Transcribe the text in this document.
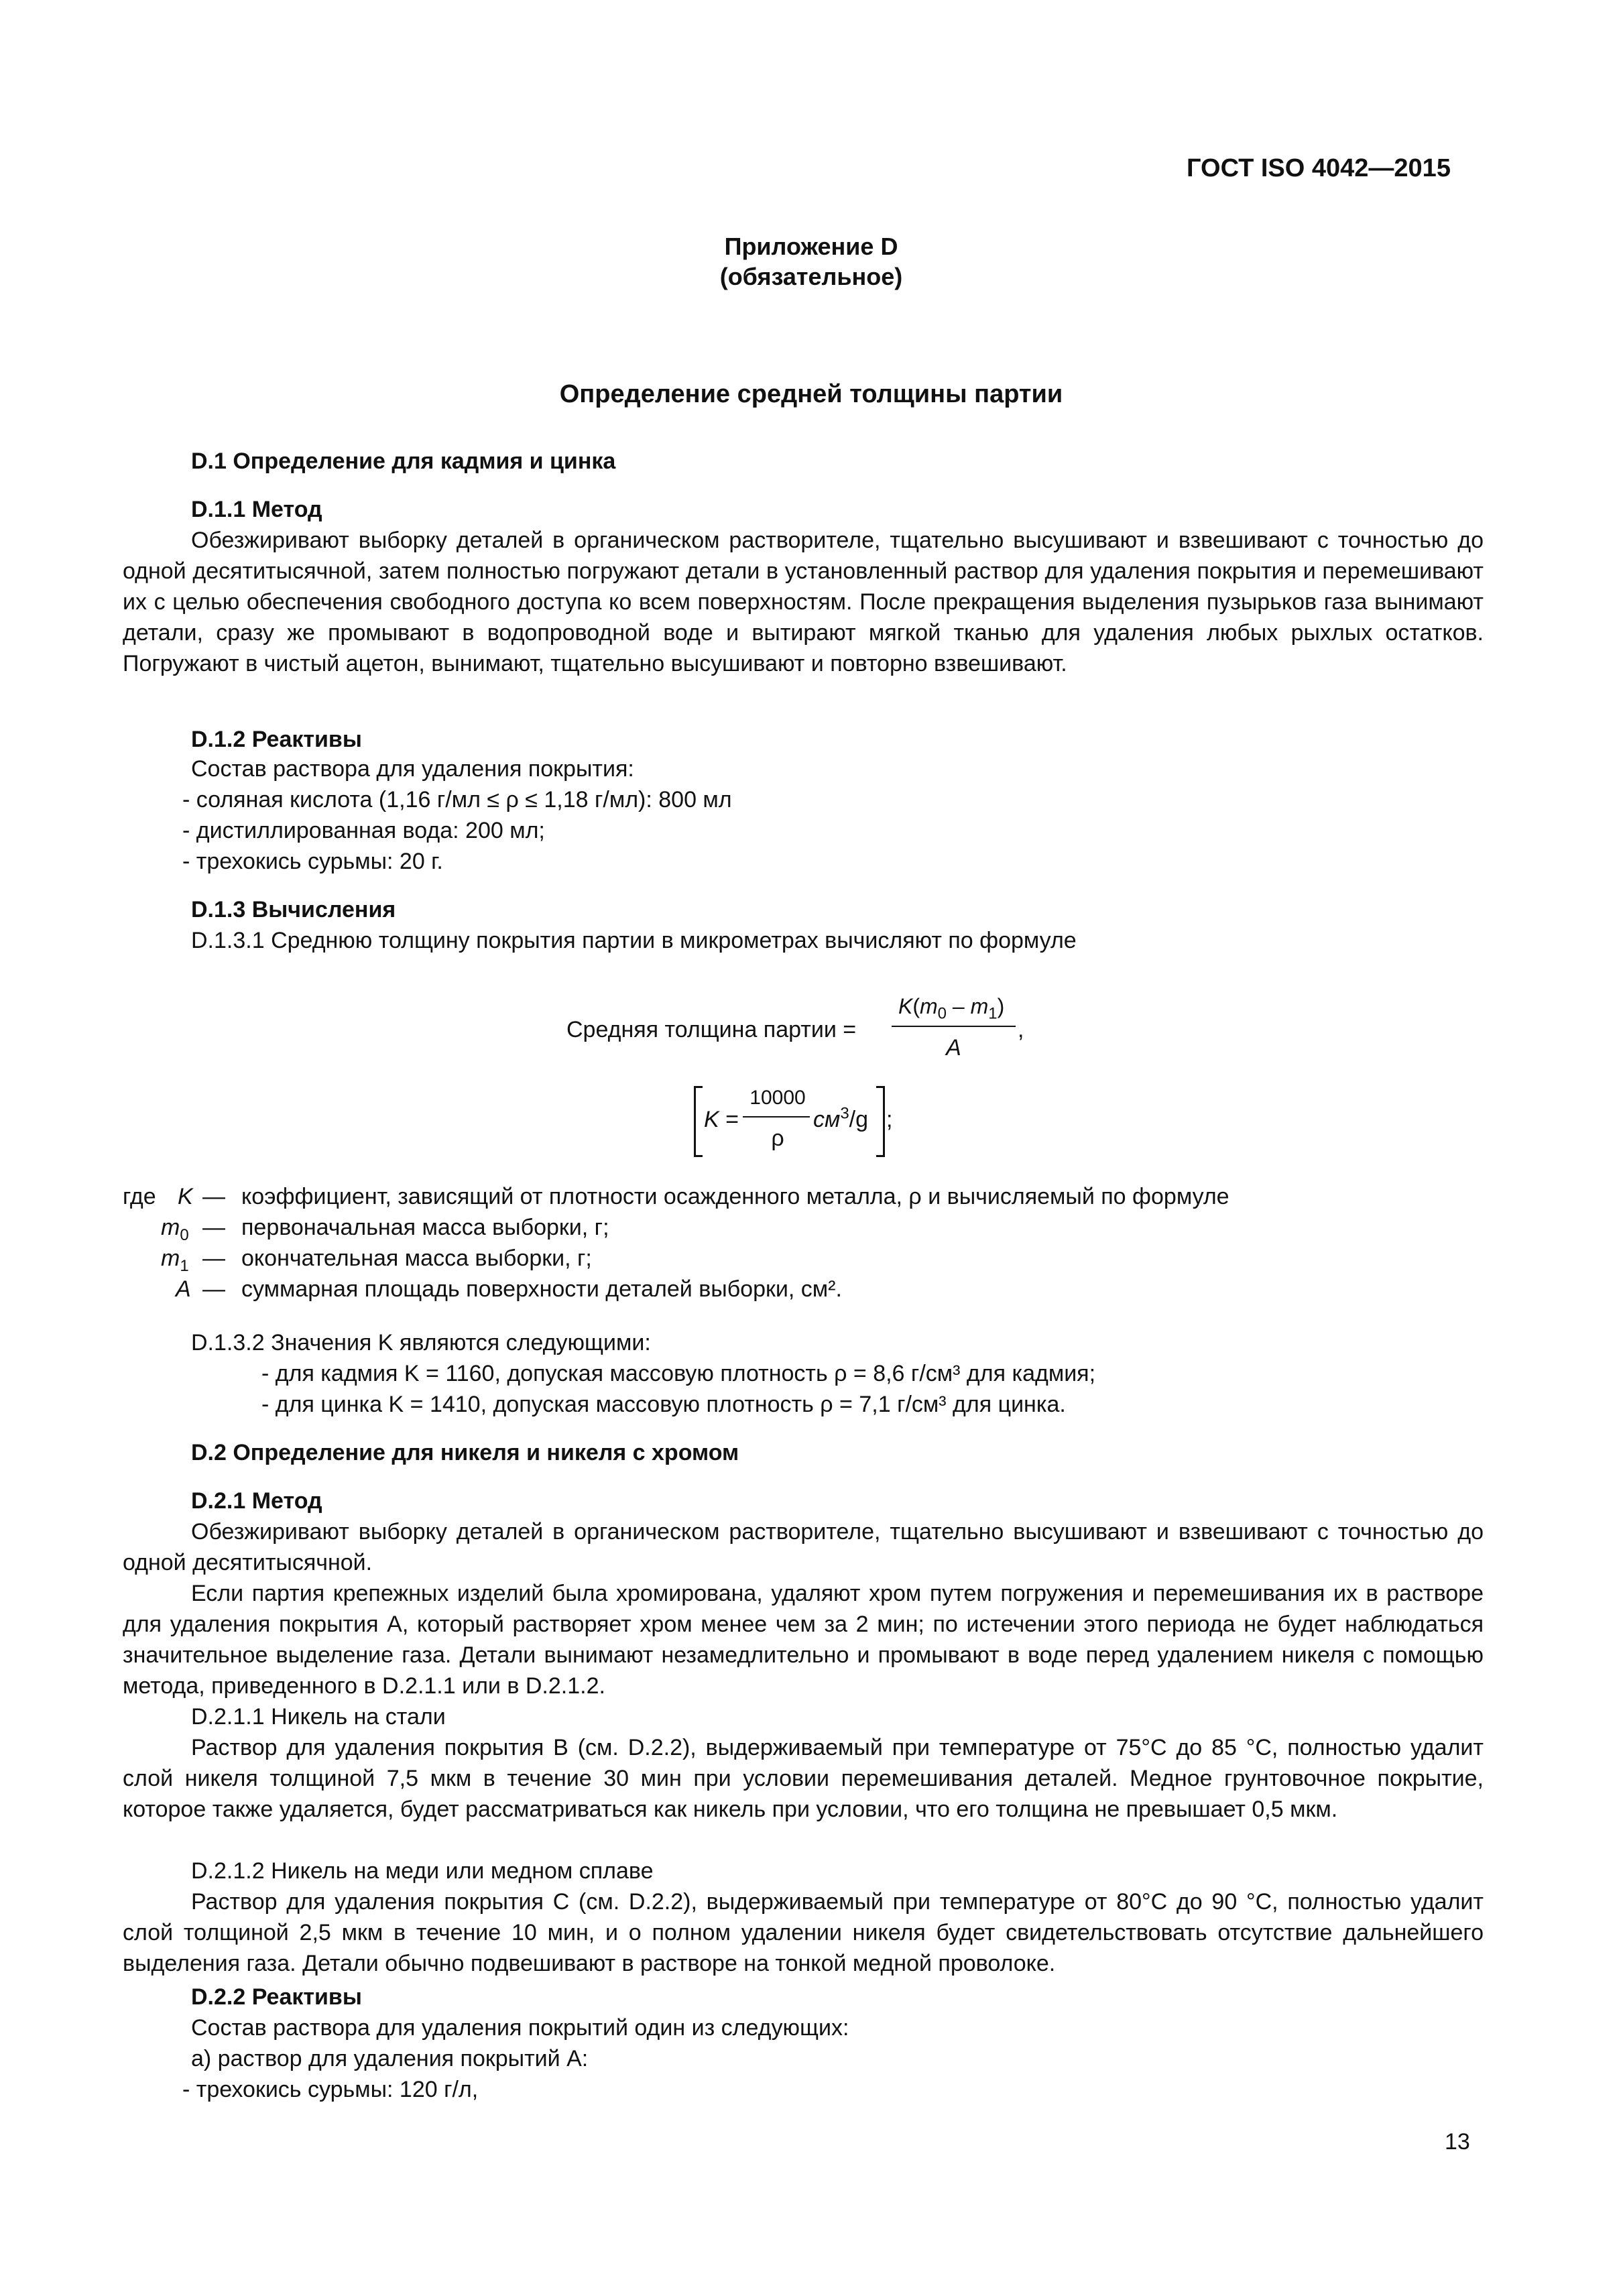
ГОСТ ISO 4042—2015
Приложение D
(обязательное)
Определение средней толщины партии
D.1 Определение для кадмия и цинка
D.1.1 Метод
Обезжиривают выборку деталей в органическом растворителе, тщательно высушивают и взвешивают с точностью до одной десятитысячной, затем полностью погружают детали в установленный раствор для удаления покрытия и перемешивают их с целью обеспечения свободного доступа ко всем поверхностям. После прекращения выделения пузырьков газа вынимают детали, сразу же промывают в водопроводной воде и вытирают мягкой тканью для удаления любых рыхлых остатков. Погружают в чистый ацетон, вынимают, тщательно высушивают и повторно взвешивают.
D.1.2 Реактивы
Состав раствора для удаления покрытия:
- соляная кислота (1,16 г/мл ≤ ρ ≤ 1,18 г/мл): 800 мл
- дистиллированная вода: 200 мл;
- трехокись сурьмы: 20 г.
D.1.3 Вычисления
D.1.3.1 Среднюю толщину покрытия партии в микрометрах вычисляют по формуле
Средняя толщина партии =
$K(m_0 - m_1)$
A
,
K =
10000
ρ
$см^3/g$ ;
где K — коэффициент, зависящий от плотности осажденного металла, ρ и вычисляемый по формуле
$m_0$ — первоначальная масса выборки, г;
$m_1$ — окончательная масса выборки, г;
A — суммарная площадь поверхности деталей выборки, см².
D.1.3.2 Значения K являются следующими:
- для кадмия K = 1160, допуская массовую плотность ρ = 8,6 г/см³ для кадмия;
- для цинка K = 1410, допуская массовую плотность ρ = 7,1 г/см³ для цинка.
D.2 Определение для никеля и никеля с хромом
D.2.1 Метод
Обезжиривают выборку деталей в органическом растворителе, тщательно высушивают и взвешивают с точностью до одной десятитысячной.
Если партия крепежных изделий была хромирована, удаляют хром путем погружения и перемешивания их в растворе для удаления покрытия А, который растворяет хром менее чем за 2 мин; по истечении этого периода не будет наблюдаться значительное выделение газа. Детали вынимают незамедлительно и промывают в воде перед удалением никеля с помощью метода, приведенного в D.2.1.1 или в D.2.1.2.
D.2.1.1 Никель на стали
Раствор для удаления покрытия В (см. D.2.2), выдерживаемый при температуре от 75°С до 85 °С, полностью удалит слой никеля толщиной 7,5 мкм в течение 30 мин при условии перемешивания деталей. Медное грунтовочное покрытие, которое также удаляется, будет рассматриваться как никель при условии, что его толщина не превышает 0,5 мкм.
D.2.1.2 Никель на меди или медном сплаве
Раствор для удаления покрытия С (см. D.2.2), выдерживаемый при температуре от 80°С до 90 °С, полностью удалит слой толщиной 2,5 мкм в течение 10 мин, и о полном удалении никеля будет свидетельствовать отсутствие дальнейшего выделения газа. Детали обычно подвешивают в растворе на тонкой медной проволоке.
D.2.2 Реактивы
Состав раствора для удаления покрытий один из следующих:
а) раствор для удаления покрытий А:
- трехокись сурьмы: 120 г/л,
13
